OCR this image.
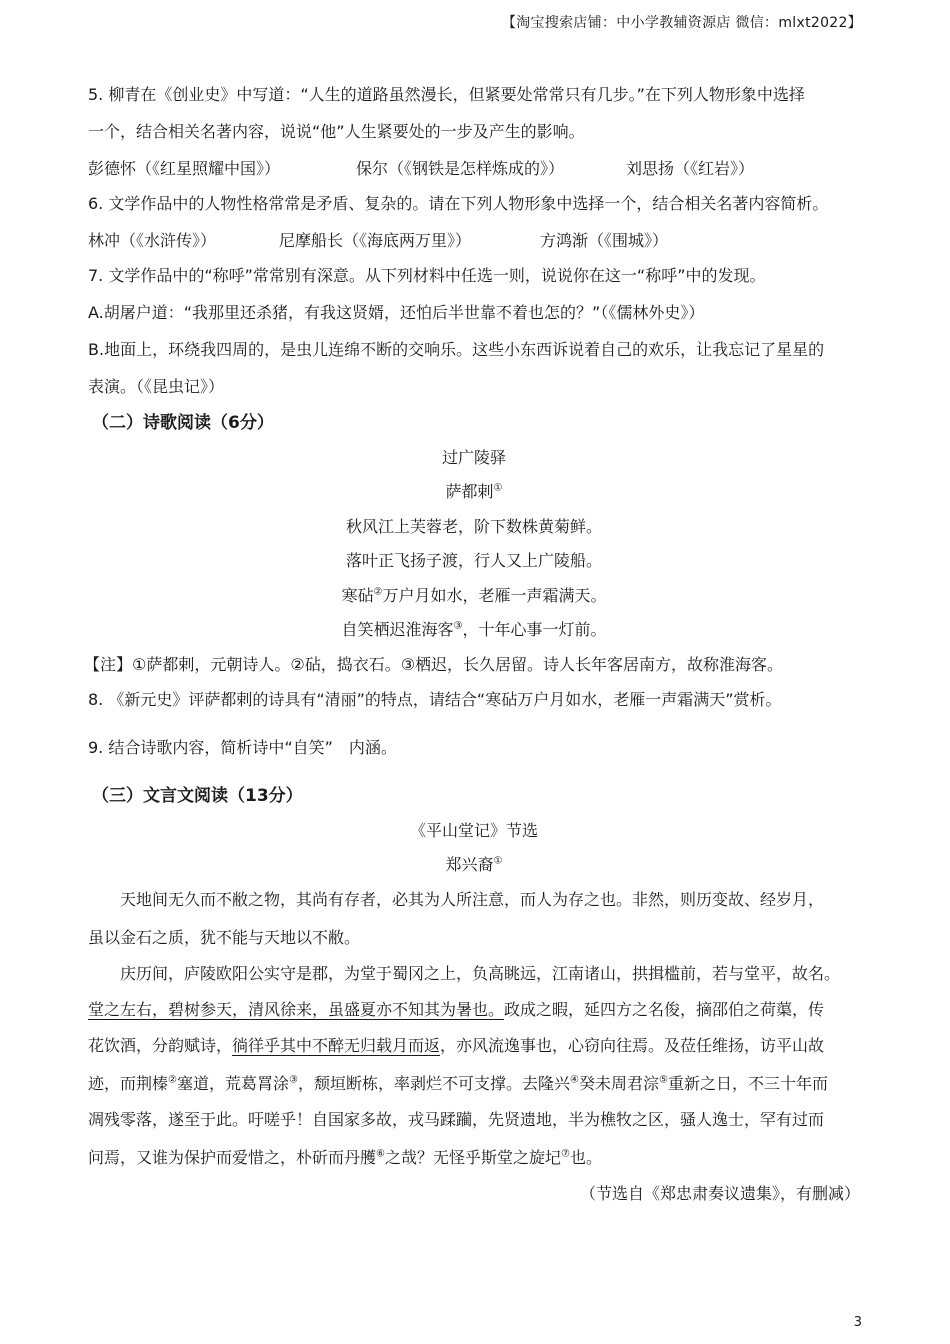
【淘宝搜索店铺：中小学教辅资源店 微信：mlxt2022】
5. 柳青在《创业史》中写道：“人生的道路虽然漫长，但紧要处常常只有几步。”在下列人物形象中选择
一个，结合相关名著内容，说说“他”人生紧要处的一步及产生的影响。
彭德怀（《红星照耀中国》）	保尔（《钢铁是怎样炼成的》）	刘思扬（《红岩》）
6. 文学作品中的人物性格常常是矛盾、复杂的。请在下列人物形象中选择一个，结合相关名著内容简析。
林冲（《水浒传》）	尼摩船长（《海底两万里》）	方鸿渐（《围城》）
7. 文学作品中的“称呼”常常别有深意。从下列材料中任选一则，说说你在这一“称呼”中的发现。
A.胡屠户道：“我那里还杀猪，有我这贤婿，还怕后半世靠不着也怎的？”（《儒林外史》）
B.地面上，环绕我四周的，是虫儿连绵不断的交响乐。这些小东西诉说着自己的欢乐，让我忘记了星星的
表演。（《昆虫记》）
（二）诗歌阅读（6分）
过广陵驿
萨都剌①
秋风江上芙蓉老，阶下数株黄菊鲜。
落叶正飞扬子渡，行人又上广陵船。
寒砧②万户月如水，老雁一声霜满天。
自笑栖迟淮海客③，十年心事一灯前。
【注】①萨都剌，元朝诗人。②砧，捣衣石。③栖迟，长久居留。诗人长年客居南方，故称淮海客。
8. 《新元史》评萨都剌的诗具有“清丽”的特点，请结合“寒砧万户月如水，老雁一声霜满天”赏析。
9. 结合诗歌内容，简析诗中“自笑”　内涵。
（三）文言文阅读（13分）
《平山堂记》节选
郑兴裔①
天地间无久而不敝之物，其尚有存者，必其为人所注意，而人为存之也。非然，则历变故、经岁月，
虽以金石之质，犹不能与天地以不敝。
庆历间，庐陵欧阳公实守是郡，为堂于蜀冈之上，负高眺远，江南诸山，拱揖槛前，若与堂平，故名。
堂之左右，碧树参天，清风徐来，虽盛夏亦不知其为暑也。政成之暇，延四方之名俊，摘邵伯之荷蕖，传
花饮酒，分韵赋诗，徜徉乎其中不醉无归载月而返，亦风流逸事也，心窃向往焉。及莅任维扬，访平山故
迹，而荆榛②塞道，荒葛罥涂③，颓垣断栋，率剥烂不可支撑。去隆兴④癸未周君淙⑤重新之日，不三十年而
凋残零落，遂至于此。吁嗟乎！自国家多故，戎马蹂躏，先贤遗地，半为樵牧之区，骚人逸士，罕有过而
问焉，又谁为保护而爱惜之，朴斫而丹雘⑥之哉？无怪乎斯堂之旋圮⑦也。
（节选自《郑忠肃奏议遗集》，有删减）
3
